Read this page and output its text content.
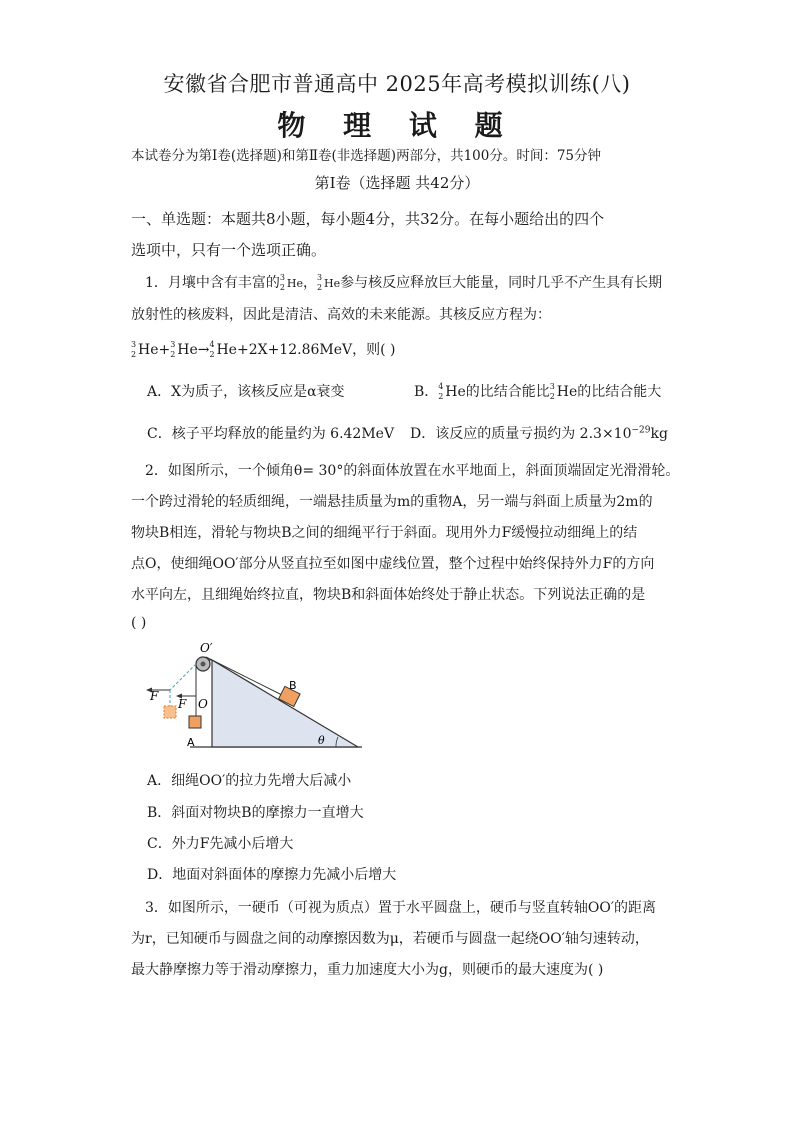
安徽省合肥市普通高中 2025年高考模拟训练(八)
物 理 试 题
本试卷分为第Ⅰ卷(选择题)和第Ⅱ卷(非选择题)两部分，共100分。时间：75分钟
第Ⅰ卷（选择题 共42分）
一、单选题：本题共8小题，每小题4分，共32分。在每小题给出的四个
选项中，只有一个选项正确。
1．月壤中含有丰富的 3
2 He， 3
2 He参与核反应释放巨大能量，同时几乎不产生具有长期
放射性的核废料，因此是清洁、高效的未来能源。其核反应方程为：
3
2 He+ 3
2 He→ 4
2 He+2X+12.86MeV，则( )
A．X为质子，该核反应是α衰变	B． 4
2 He的比结合能比 3
2 He的比结合能大
C．核子平均释放的能量约为 6.42MeV D．该反应的质量亏损约为 $2.3\times 10^{-29}kg$
2．如图所示，一个倾角θ= 30°的斜面体放置在水平地面上，斜面顶端固定光滑滑轮。
一个跨过滑轮的轻质细绳，一端悬挂质量为m的重物A，另一端与斜面上质量为2m的
物块B相连，滑轮与物块B之间的细绳平行于斜面。现用外力F缓慢拉动细绳上的结
点O，使细绳OO′部分从竖直拉至如图中虚线位置，整个过程中始终保持外力F的方向
水平向左，且细绳始终拉直，物块B和斜面体始终处于静止状态。下列说法正确的是
( )
O′
O
F
F
A
B
θ
A．细绳OO′的拉力先增大后减小
B．斜面对物块B的摩擦力一直增大
C．外力F先减小后增大
D．地面对斜面体的摩擦力先减小后增大
3．如图所示，一硬币（可视为质点）置于水平圆盘上，硬币与竖直转轴OO′的距离
为r，已知硬币与圆盘之间的动摩擦因数为μ，若硬币与圆盘一起绕OO′轴匀速转动，
最大静摩擦力等于滑动摩擦力，重力加速度大小为g，则硬币的最大速度为( )
